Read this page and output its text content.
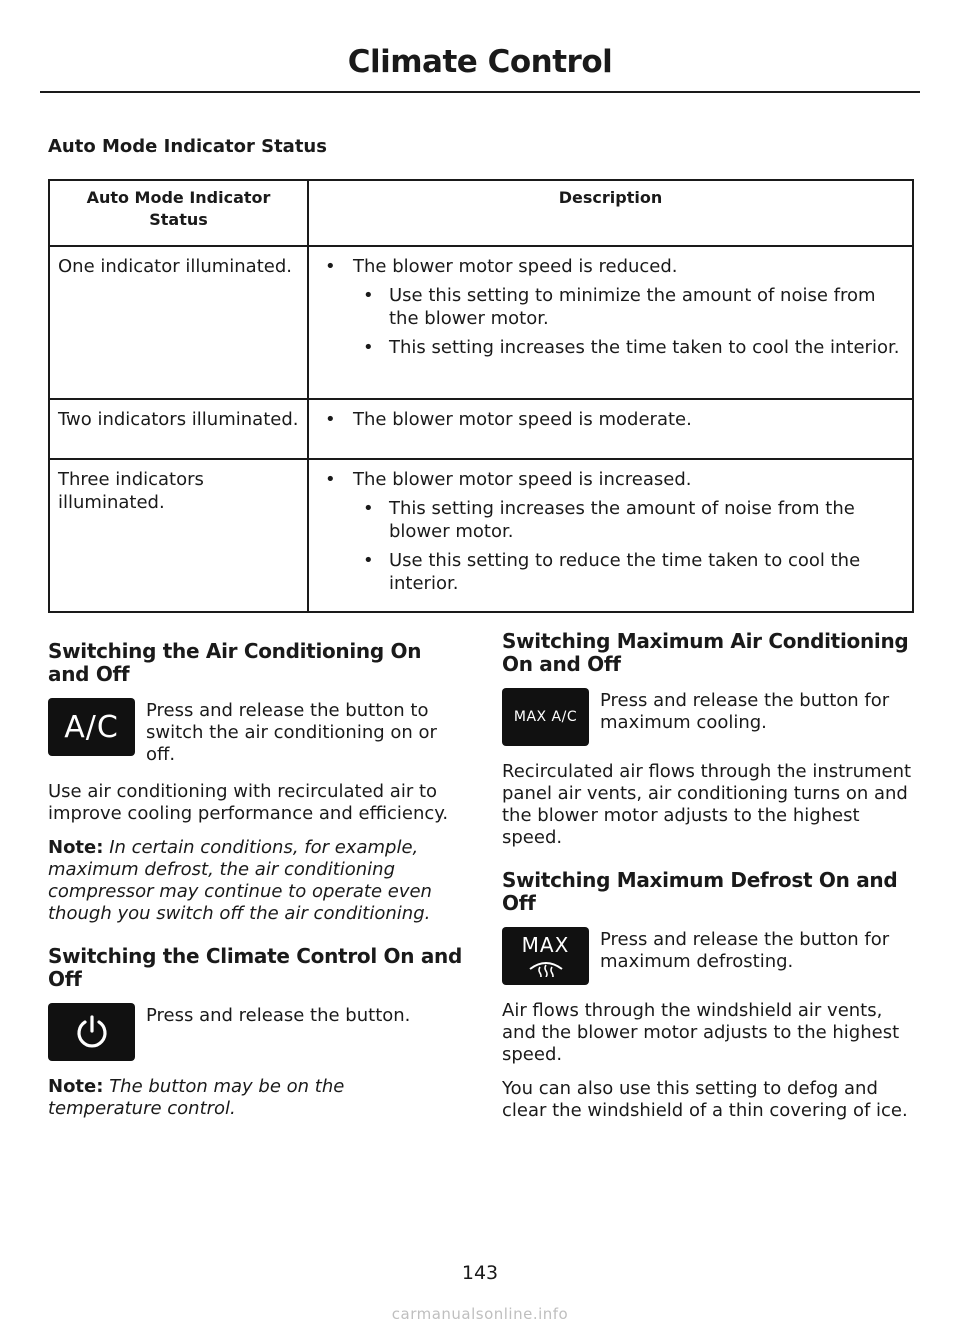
Climate Control
Auto Mode Indicator Status
Auto Mode Indicator Status	Description
One indicator illuminated.	• The blower motor speed is reduced.
• Use this setting to minimize the amount of noise from the blower motor.
• This setting increases the time taken to cool the interior.

Two indicators illuminated.	• The blower motor speed is moderate.

Three indicators illuminated.	• The blower motor speed is increased.
• This setting increases the amount of noise from the blower motor.
• Use this setting to reduce the time taken to cool the interior.
Switching the Air Conditioning On and Off
A/C Press and release the button to switch the air conditioning on or off.
Use air conditioning with recirculated air to improve cooling performance and efficiency.
Note: In certain conditions, for example, maximum defrost, the air conditioning compressor may continue to operate even though you switch off the air conditioning.
Switching the Climate Control On and Off
Press and release the button.
Note: The button may be on the temperature control.
Switching Maximum Air Conditioning On and Off
MAX A/C
Press and release the button for maximum cooling.
Recirculated air flows through the instrument panel air vents, air conditioning turns on and the blower motor adjusts to the highest speed.
Switching Maximum Defrost On and Off
MAX Press and release the button for maximum defrosting.
Air flows through the windshield air vents, and the blower motor adjusts to the highest speed.
You can also use this setting to defog and clear the windshield of a thin covering of ice.
143
carmanualsonline.info
